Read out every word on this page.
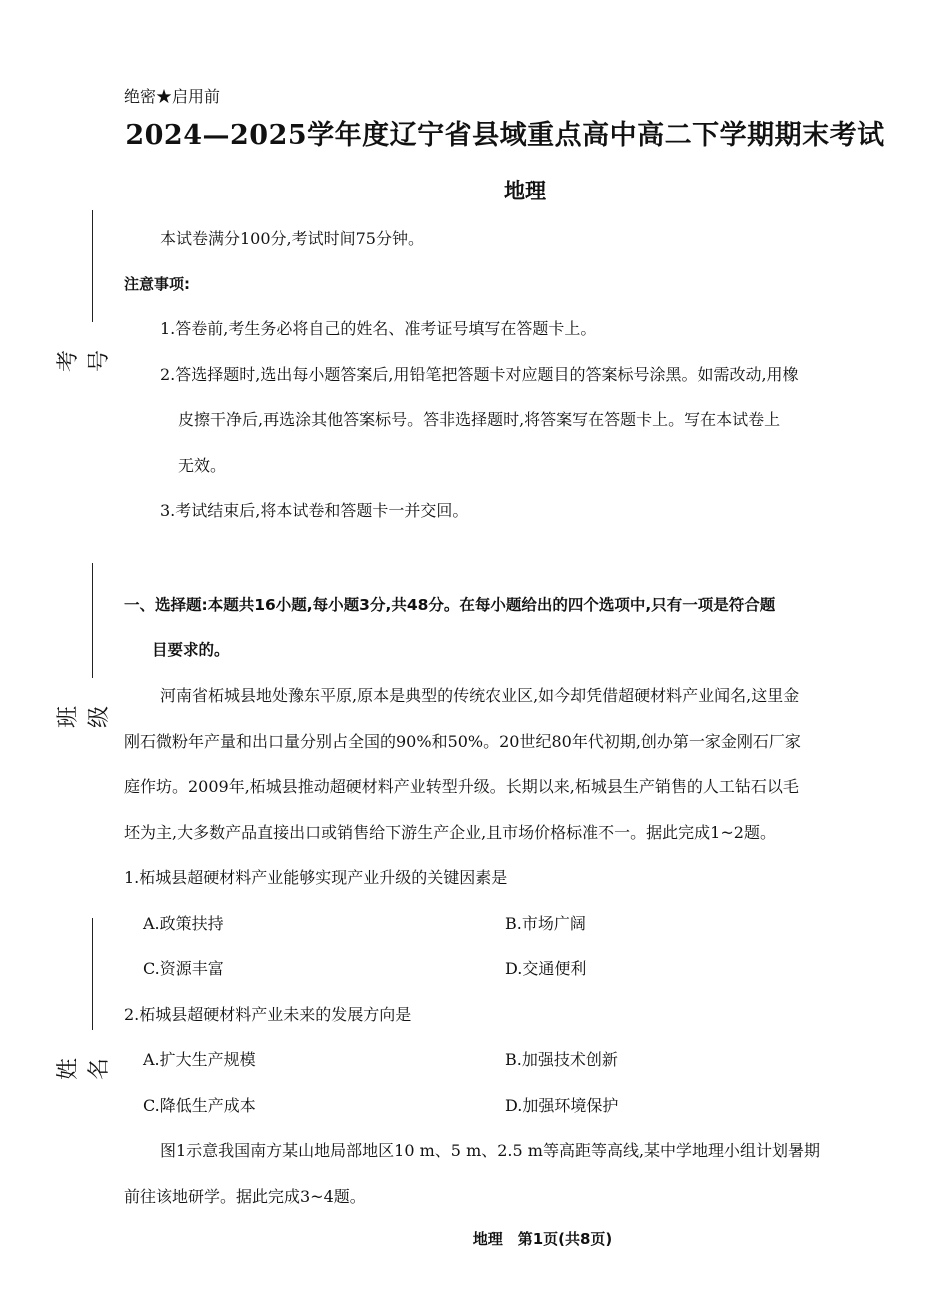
绝密★启用前
2024—2025学年度辽宁省县域重点高中高二下学期期末考试
地理
考号
班级
姓名
本试卷满分100分,考试时间75分钟。
注意事项:
1.答卷前,考生务必将自己的姓名、准考证号填写在答题卡上。
2.答选择题时,选出每小题答案后,用铅笔把答题卡对应题目的答案标号涂黑。如需改动,用橡
皮擦干净后,再选涂其他答案标号。答非选择题时,将答案写在答题卡上。写在本试卷上
无效。
3.考试结束后,将本试卷和答题卡一并交回。
一、选择题:本题共16小题,每小题3分,共48分。在每小题给出的四个选项中,只有一项是符合题
目要求的。
河南省柘城县地处豫东平原,原本是典型的传统农业区,如今却凭借超硬材料产业闻名,这里金
刚石微粉年产量和出口量分别占全国的90%和50%。20世纪80年代初期,创办第一家金刚石厂家
庭作坊。2009年,柘城县推动超硬材料产业转型升级。长期以来,柘城县生产销售的人工钻石以毛
坯为主,大多数产品直接出口或销售给下游生产企业,且市场价格标准不一。据此完成1~2题。
1.柘城县超硬材料产业能够实现产业升级的关键因素是
A.政策扶持	B.市场广阔
C.资源丰富	D.交通便利
2.柘城县超硬材料产业未来的发展方向是
A.扩大生产规模	B.加强技术创新
C.降低生产成本	D.加强环境保护
图1示意我国南方某山地局部地区10 m、5 m、2.5 m等高距等高线,某中学地理小组计划暑期
前往该地研学。据此完成3~4题。
地理　第1页(共8页)
